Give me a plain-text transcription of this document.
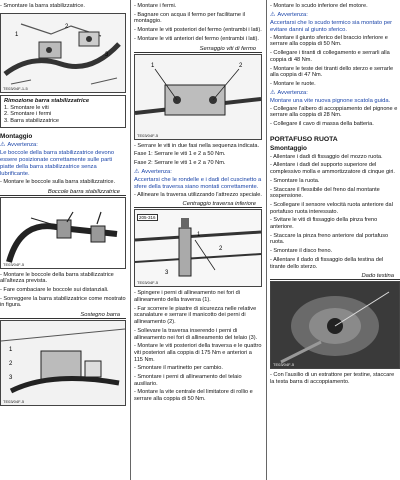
- Smontare la barra stabilizzatrice.

1
2
3
TE03/04F-1-5
Rimozione barra stabilizzatrice

1. Smontare le viti

2. Smontare i fermi

3. Barra stabilizzatrice

Montaggio
⚠ Avvertenza:

Le boccole della barra stabilizzatrice devono essere posizionate correttamente sulle parti piatte della barra stabilizzatrice senza lubrificante.

- Montare le boccole sulla barra stabilizzatrice.

Boccole barra stabilizzatrice
TE03/04F-5

- Montare le boccole della barra stabilizzatrice all'altezza prevista.

- Fare combaciare le boccole sui distanziali.

- Sorreggere la barra stabilizzatrice come mostrato in figura.

Sostegno barra
1
2
3
TE03/04F-5

- Montare i fermi.

- Bagnare con acqua il fermo per facilitarne il montaggio.

- Montare le viti posteriori del fermo (entrambi i lati).

- Montare le viti anteriori del fermo (entrambi i lati).

Serraggio viti di fermo
1	2
TE03/04F-5

- Serrare le viti in due fasi nella sequenza indicata.

Fase 1: Serrare le viti 1 e 2 a 50 Nm.

Fase 2: Serrare le viti 1 e 2 a 70 Nm.

⚠ Avvertenza:

Accertarsi che le rondelle e i dadi del cuscinetto a sfere della traversa siano montati correttamente.

- Allineare la traversa utilizzando l'attrezzo speciale.

Centraggio traversa inferiore
1
2
3
205-316
TE03/04F-5

- Spingere i perni di allineamento nei fori di allineamento della traversa (1).

- Far scorrere le piastre di sicurezza nelle relative scanalature e serrare il manicotto dei perni di allineamento (2).

- Sollevare la traversa inserendo i perni di allineamento nei fori di allineamento del telaio (3).

- Montare le viti posteriori della traversa e le quattro viti posteriori alla coppia di 175 Nm e anteriori a 115 Nm.

- Smontare il martinetto per cambio.

- Smontare i perni di allineamento del telaio ausiliario.

- Montare la vite centrale del limitatore di rollio e serrare alla coppia di 50 Nm.

- Montare lo scudo inferiore del motore.

⚠ Avvertenza:

Accertarsi che lo scudo termico sia montato per evitare danni al giunto sferico.

- Montare il giunto sferico del braccio inferiore e serrare alla coppia di 50 Nm.

- Collegare i tiranti di collegamento e serrarli alla coppia di 48 Nm.

- Montare le teste dei tiranti dello sterzo e serrarle alla coppia di 47 Nm.

- Montare le ruote.

⚠ Avvertenza:

Montare una vite nuova pignone scatola guida.

- Collegare l'albero di accoppiamento del pignone e serrare alla coppia di 28 Nm.

- Collegare il cavo di massa della batteria.

PORTAFUSO RUOTA
Smontaggio

- Allentare i dadi di fissaggio del mozzo ruota.

- Allentare i dadi del supporto superiore del complessivo molla e ammortizzatore di cinque giri.

- Smontare la ruota.

- Staccare il flessibile del freno dal montante sospensione.

- Scollegare il sensore velocità ruota anteriore dal portafuso ruota interessato.

- Svitare le viti di fissaggio della pinza freno anteriore.

- Staccare la pinza freno anteriore dal portafuso ruota.

- Smontare il disco freno.

- Allentare il dado di fissaggio della testina del tirante dello sterzo.

Dado testina
TE03/04F-5

- Con l'ausilio di un estrattore per testine, staccare la testa barra di accoppiamento.
